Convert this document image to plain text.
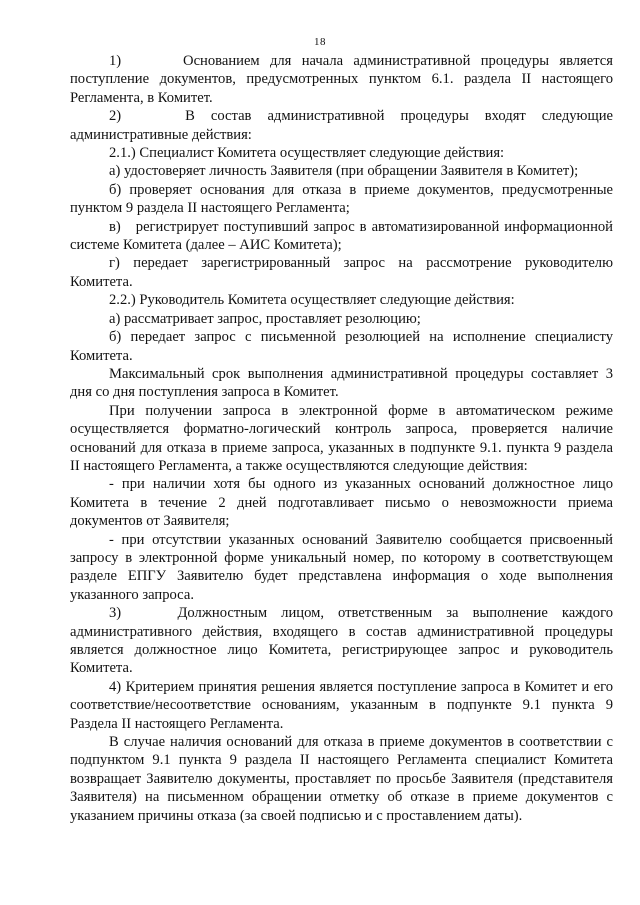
18

1)      Основанием для начала административной процедуры является поступление документов, предусмотренных пунктом 6.1. раздела II настоящего Регламента, в Комитет.

2)    В состав административной процедуры входят следующие административные действия:

2.1.) Специалист Комитета осуществляет следующие действия:

а) удостоверяет личность Заявителя (при обращении Заявителя в Комитет);

б) проверяет основания для отказа в приеме документов, предусмотренные пунктом 9 раздела II настоящего Регламента;

в)   регистрирует поступивший запрос в автоматизированной информационной системе Комитета (далее – АИС Комитета);

г) передает зарегистрированный запрос на рассмотрение руководителю Комитета.

2.2.) Руководитель Комитета осуществляет следующие действия:

а) рассматривает запрос, проставляет резолюцию;

б) передает запрос с письменной резолюцией на исполнение специалисту Комитета.

Максимальный срок выполнения административной процедуры составляет 3 дня со дня поступления запроса в Комитет.

При получении запроса в электронной форме в автоматическом режиме осуществляется форматно-логический контроль запроса, проверяется наличие оснований для отказа в приеме запроса, указанных в подпункте 9.1. пункта 9 раздела II настоящего Регламента, а также осуществляются следующие действия:

- при наличии хотя бы одного из указанных оснований должностное лицо Комитета в течение 2 дней подготавливает письмо о невозможности приема документов от Заявителя;

- при отсутствии указанных оснований Заявителю сообщается присвоенный запросу в электронной форме уникальный номер, по которому в соответствующем разделе ЕПГУ Заявителю будет представлена информация о ходе выполнения указанного запроса.

3)    Должностным лицом, ответственным за выполнение каждого административного действия, входящего в состав административной процедуры является должностное лицо Комитета, регистрирующее запрос и руководитель Комитета.

4) Критерием принятия решения является поступление запроса в Комитет и его соответствие/несоответствие основаниям, указанным в подпункте 9.1 пункта 9 Раздела II настоящего Регламента.

В случае наличия оснований для отказа в приеме документов в соответствии с подпунктом 9.1 пункта 9 раздела II настоящего Регламента специалист Комитета возвращает Заявителю документы, проставляет по просьбе Заявителя (представителя Заявителя) на письменном обращении отметку об отказе в приеме документов с указанием причины отказа (за своей подписью и с проставлением даты).
